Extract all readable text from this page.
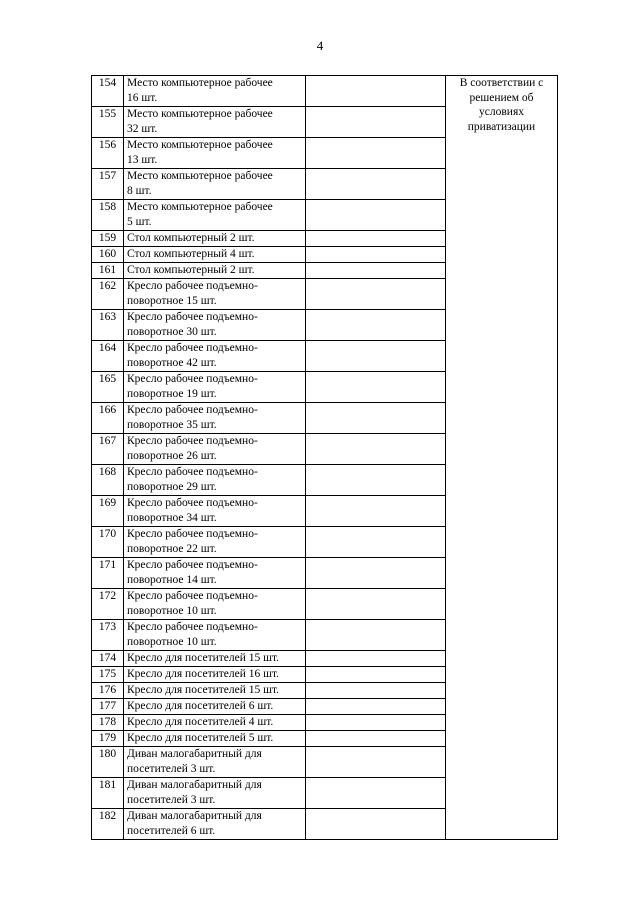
4
154	Место компьютерное рабочее
16 шт.		В соответствии с решением об условиях приватизации
155	Место компьютерное рабочее
32 шт.		
156	Место компьютерное рабочее
13 шт.		
157	Место компьютерное рабочее
8 шт.		
158	Место компьютерное рабочее
5 шт.		
159	Стол компьютерный 2 шт.		
160	Стол компьютерный 4 шт.		
161	Стол компьютерный 2 шт.		
162	Кресло рабочее подъемно-
поворотное 15 шт.		
163	Кресло рабочее подъемно-
поворотное 30 шт.		
164	Кресло рабочее подъемно-
поворотное 42 шт.		
165	Кресло рабочее подъемно-
поворотное 19 шт.		
166	Кресло рабочее подъемно-
поворотное 35 шт.		
167	Кресло рабочее подъемно-
поворотное 26 шт.		
168	Кресло рабочее подъемно-
поворотное 29 шт.		
169	Кресло рабочее подъемно-
поворотное 34 шт.		
170	Кресло рабочее подъемно-
поворотное 22 шт.		
171	Кресло рабочее подъемно-
поворотное 14 шт.		
172	Кресло рабочее подъемно-
поворотное 10 шт.		
173	Кресло рабочее подъемно-
поворотное 10 шт.		
174	Кресло для посетителей 15 шт.		
175	Кресло для посетителей 16 шт.		
176	Кресло для посетителей 15 шт.		
177	Кресло для посетителей 6 шт.		
178	Кресло для посетителей 4 шт.		
179	Кресло для посетителей 5 шт.		
180	Диван малогабаритный для
посетителей 3 шт.		
181	Диван малогабаритный для
посетителей 3 шт.		
182	Диван малогабаритный для
посетителей 6 шт.		
